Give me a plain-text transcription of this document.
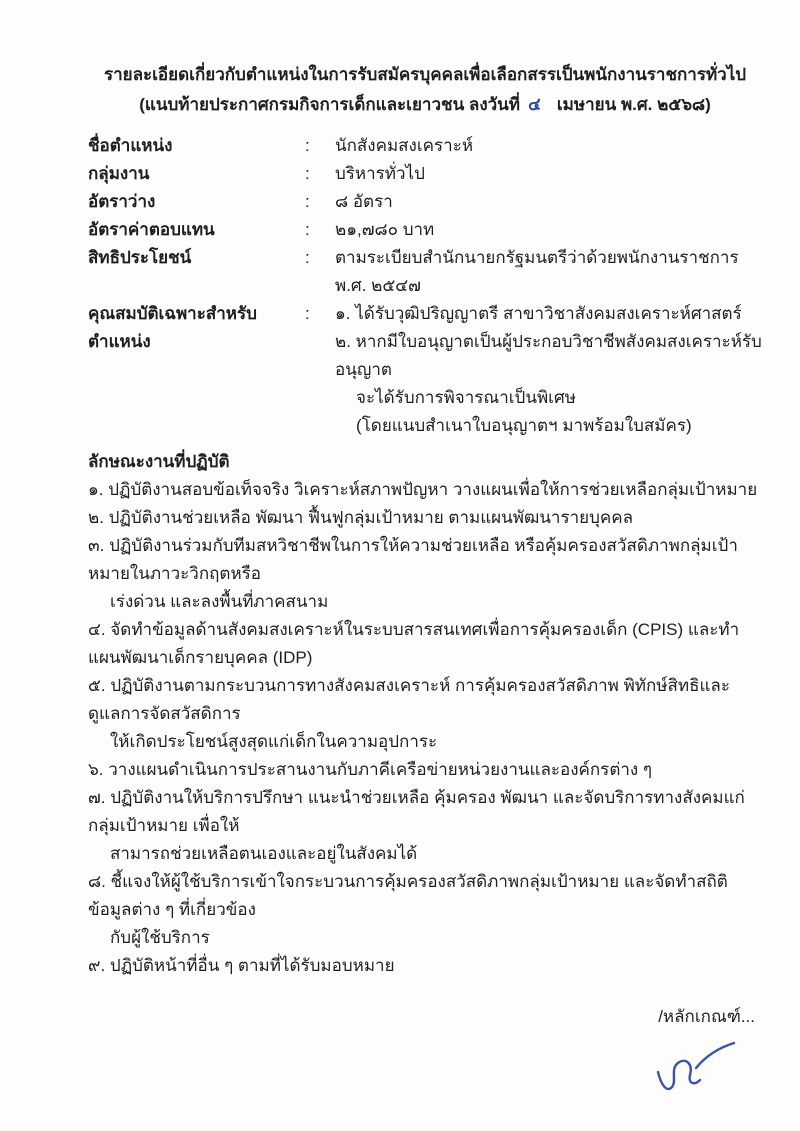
รายละเอียดเกี่ยวกับตำแหน่งในการรับสมัครบุคคลเพื่อเลือกสรรเป็นพนักงานราชการทั่วไป
(แนบท้ายประกาศกรมกิจการเด็กและเยาวชน ลงวันที่ ๔ เมษายน พ.ศ. ๒๕๖๘)
ชื่อตำแหน่ง	:	นักสังคมสงเคราะห์
กลุ่มงาน	:	บริหารทั่วไป
อัตราว่าง	:	๘ อัตรา
อัตราค่าตอบแทน	:	๒๑,๗๘๐ บาท
สิทธิประโยชน์	:	ตามระเบียบสำนักนายกรัฐมนตรีว่าด้วยพนักงานราชการ พ.ศ. ๒๕๔๗
คุณสมบัติเฉพาะสำหรับตำแหน่ง
:	๑. ได้รับวุฒิปริญญาตรี สาขาวิชาสังคมสงเคราะห์ศาสตร์
๒. หากมีใบอนุญาตเป็นผู้ประกอบวิชาชีพสังคมสงเคราะห์รับอนุญาต
จะได้รับการพิจารณาเป็นพิเศษ
(โดยแนบสำเนาใบอนุญาตฯ มาพร้อมใบสมัคร)
ลักษณะงานที่ปฏิบัติ
๑. ปฏิบัติงานสอบข้อเท็จจริง วิเคราะห์สภาพปัญหา วางแผนเพื่อให้การช่วยเหลือกลุ่มเป้าหมาย
๒. ปฏิบัติงานช่วยเหลือ พัฒนา ฟื้นฟูกลุ่มเป้าหมาย ตามแผนพัฒนารายบุคคล
๓. ปฏิบัติงานร่วมกับทีมสหวิชาชีพในการให้ความช่วยเหลือ หรือคุ้มครองสวัสดิภาพกลุ่มเป้าหมายในภาวะวิกฤตหรือ
เร่งด่วน และลงพื้นที่ภาคสนาม
๔. จัดทำข้อมูลด้านสังคมสงเคราะห์ในระบบสารสนเทศเพื่อการคุ้มครองเด็ก (CPIS) และทำแผนพัฒนาเด็กรายบุคคล (IDP)
๕. ปฏิบัติงานตามกระบวนการทางสังคมสงเคราะห์ การคุ้มครองสวัสดิภาพ พิทักษ์สิทธิและดูแลการจัดสวัสดิการ
ให้เกิดประโยชน์สูงสุดแก่เด็กในความอุปการะ
๖. วางแผนดำเนินการประสานงานกับภาคีเครือข่ายหน่วยงานและองค์กรต่าง ๆ
๗. ปฏิบัติงานให้บริการปรึกษา แนะนำช่วยเหลือ คุ้มครอง พัฒนา และจัดบริการทางสังคมแก่กลุ่มเป้าหมาย เพื่อให้
สามารถช่วยเหลือตนเองและอยู่ในสังคมได้
๘. ชี้แจงให้ผู้ใช้บริการเข้าใจกระบวนการคุ้มครองสวัสดิภาพกลุ่มเป้าหมาย และจัดทำสถิติข้อมูลต่าง ๆ ที่เกี่ยวข้อง
กับผู้ใช้บริการ
๙. ปฏิบัติหน้าที่อื่น ๆ ตามที่ได้รับมอบหมาย
/หลักเกณฑ์...
